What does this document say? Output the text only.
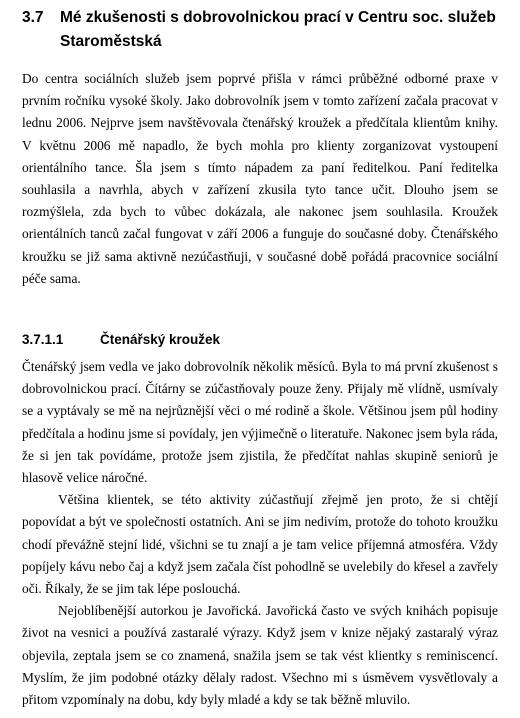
3.7	Mé zkušenosti s dobrovolnickou prací v Centru soc. služeb Staroměstská

Do centra sociálních služeb jsem poprvé přišla v rámci průběžné odborné praxe v prvním ročníku vysoké školy. Jako dobrovolník jsem v tomto zařízení začala pracovat v lednu 2006. Nejprve jsem navštěvovala čtenářský kroužek a předčítala klientům knihy. V květnu 2006 mě napadlo, že bych mohla pro klienty zorganizovat vystoupení orientálního tance. Šla jsem s tímto nápadem za paní ředitelkou. Paní ředitelka souhlasila a navrhla, abych v zařízení zkusila tyto tance učit. Dlouho jsem se rozmýšlela, zda bych to vůbec dokázala, ale nakonec jsem souhlasila. Kroužek orientálních tanců začal fungovat v září 2006 a funguje do současné doby. Čtenářského kroužku se již sama aktivně nezúčastňuji, v současné době pořádá pracovnice sociální péče sama.

3.7.1.1	Čtenářský kroužek

Čtenářský jsem vedla ve jako dobrovolník několik měsíců. Byla to má první zkušenost s dobrovolnickou prací. Čítárny se zúčastňovaly pouze ženy. Přijaly mě vlídně, usmívaly se a vyptávaly se mě na nejrůznější věci o mé rodině a škole. Většinou jsem půl hodiny předčítala a hodinu jsme si povídaly, jen výjimečně o literatuře. Nakonec jsem byla ráda, že si jen tak povídáme, protože jsem zjistila, že předčítat nahlas skupině seniorů je hlasově velice náročné.

Většina klientek, se této aktivity zúčastňují zřejmě jen proto, že si chtějí popovídat a být ve společnosti ostatních. Ani se jim nedivím, protože do tohoto kroužku chodí převážně stejní lidé, všichni se tu znají a je tam velice příjemná atmosféra. Vždy popíjely kávu nebo čaj a když jsem začala číst pohodlně se uvelebily do křesel a zavřely oči. Říkaly, že se jim tak lépe poslouchá.

Nejoblíbenější autorkou je Javořická. Javořická často ve svých knihách popisuje život na vesnici a používá zastaralé výrazy. Když jsem v knize nějaký zastaralý výraz objevila, zeptala jsem se co znamená, snažila jsem se tak vést klientky s reminiscencí. Myslím, že jim podobné otázky dělaly radost. Všechno mi s úsměvem vysvětlovaly a přitom vzpomínaly na dobu, kdy byly mladé a kdy se tak běžně mluvilo.
